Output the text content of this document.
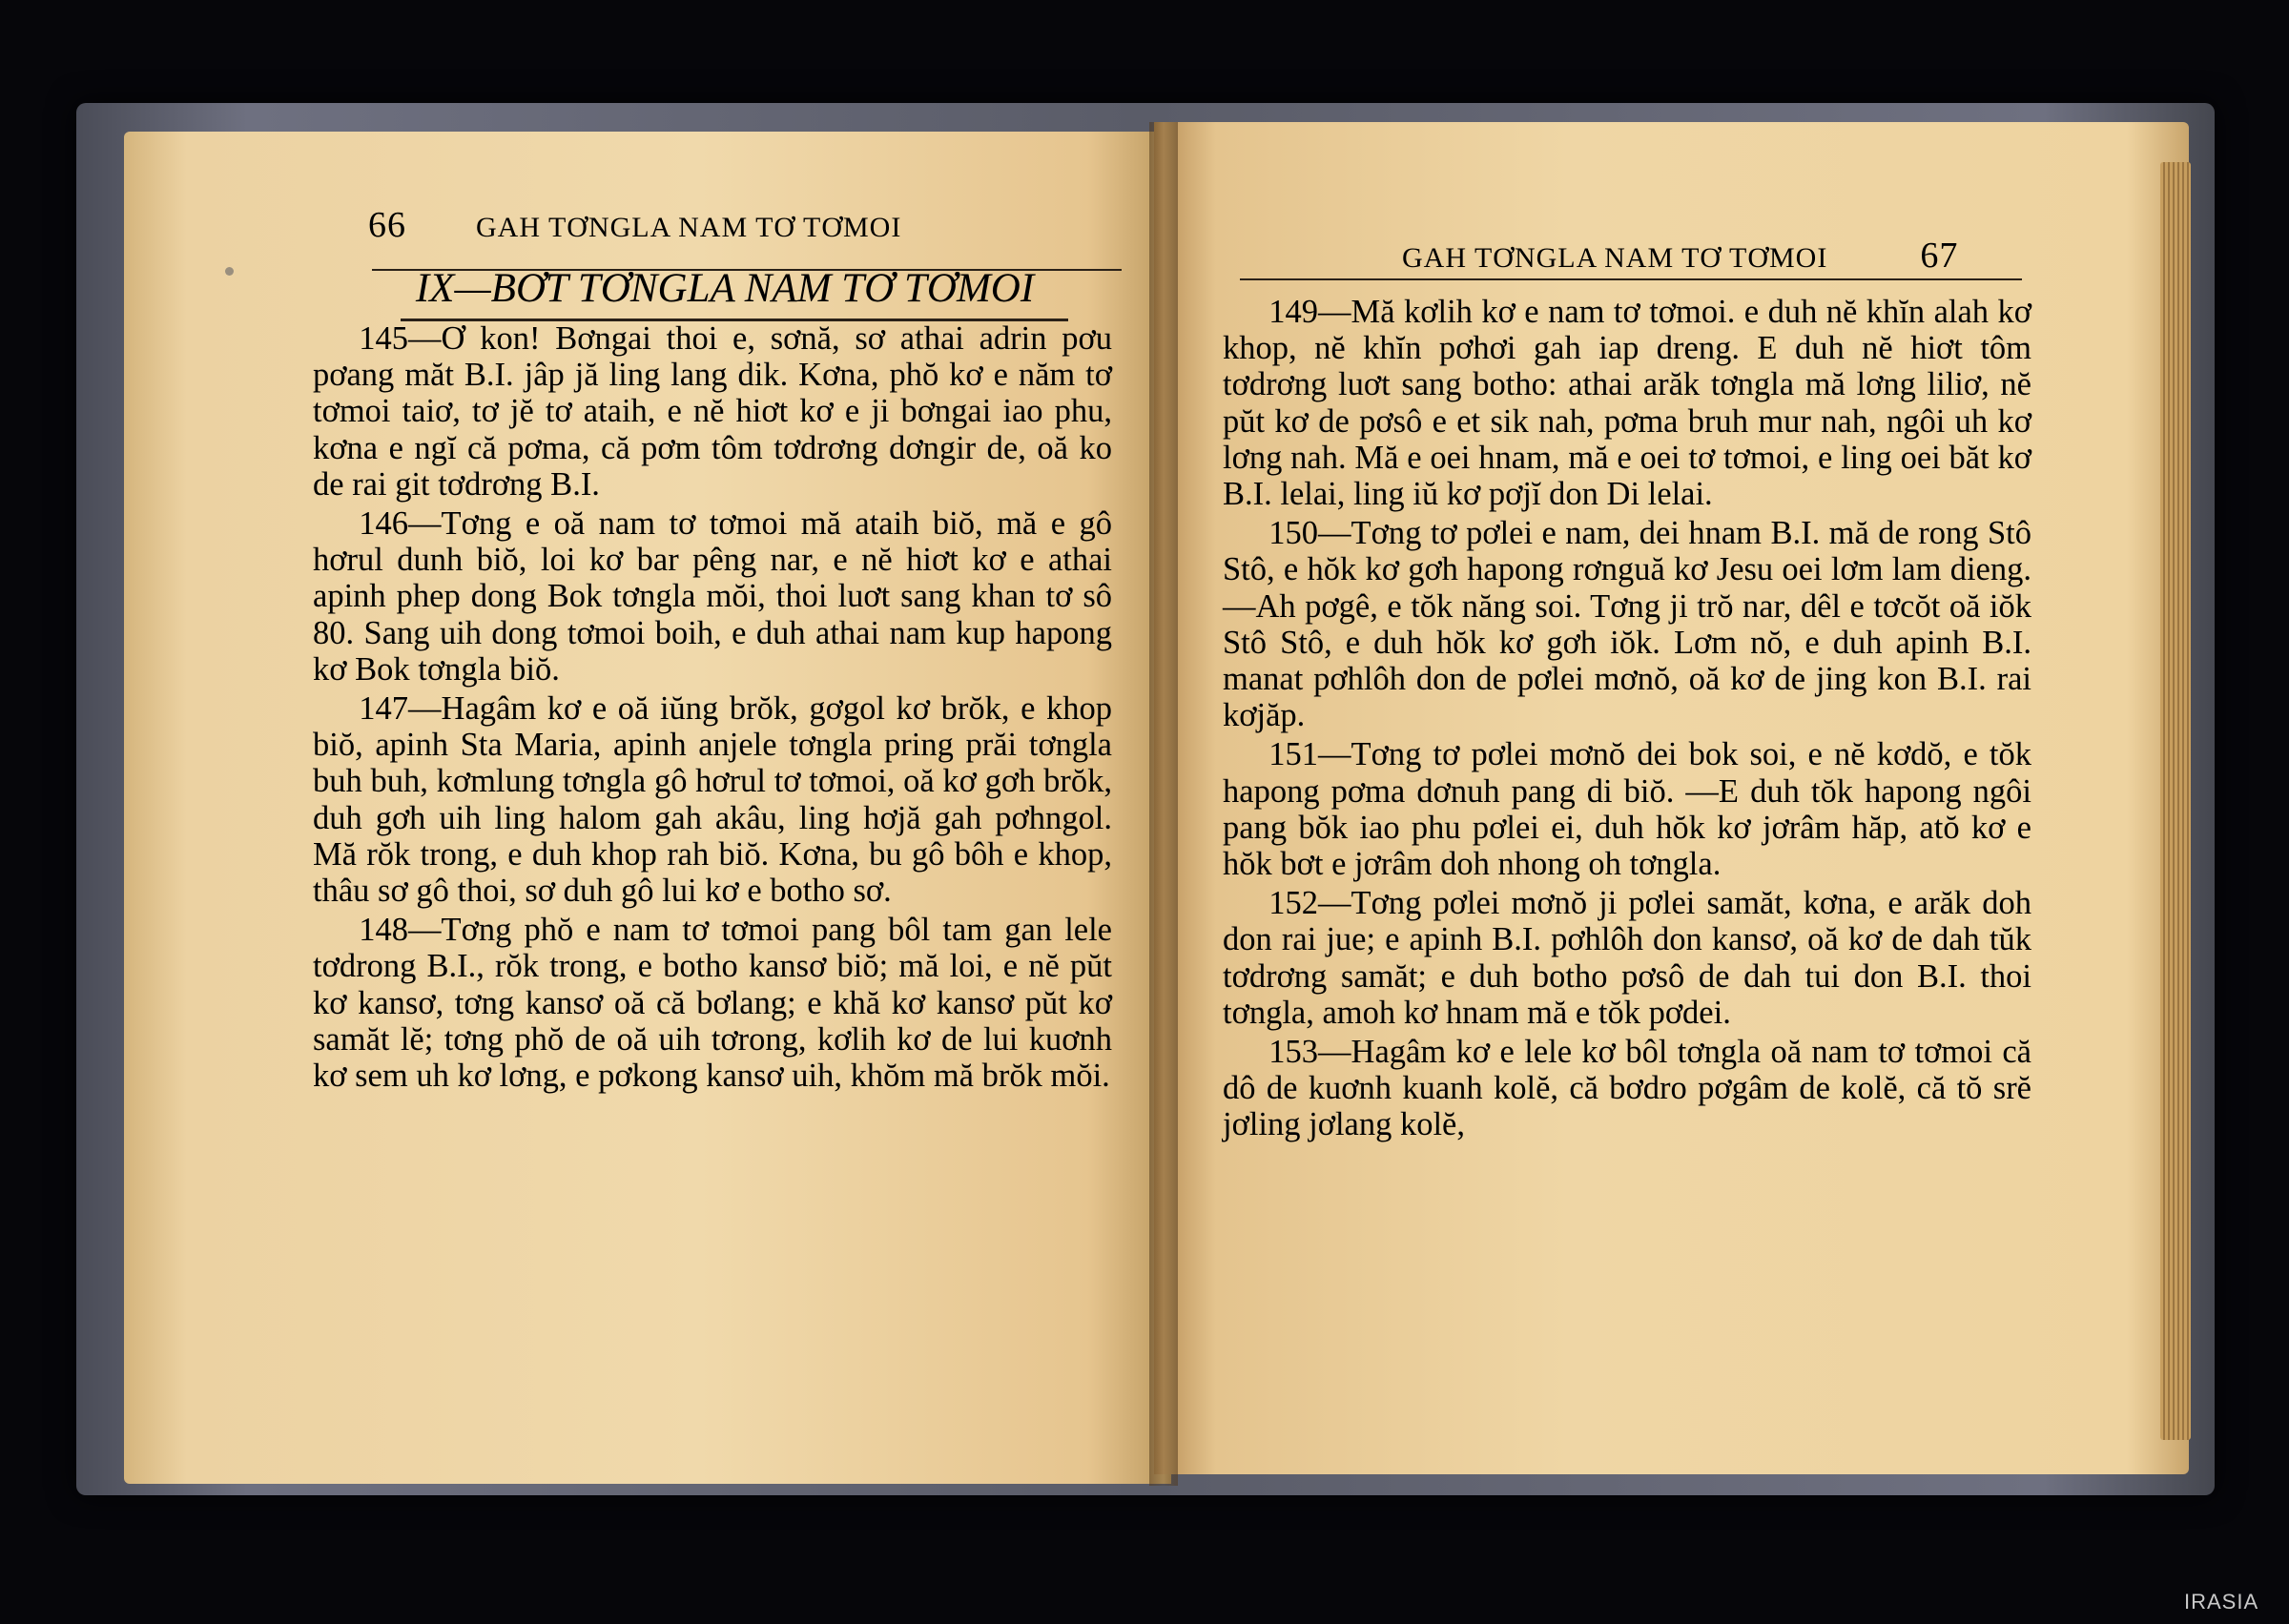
66 GAH TƠNGLA NAM TƠ TƠMOI
IX—BƠT TƠNGLA NAM TƠ TƠMOI

145—Ơ kon! Bơngai thoi e, sơnă, sơ athai adrin pơu pơang măt B.I. jâp jă ling lang dik. Kơna, phŏ kơ e năm tơ tơmoi taiơ, tơ jĕ tơ ataih, e nĕ hiơt kơ e ji bơngai iao phu, kơna e ngĭ că pơma, că pơm tôm tơdrơng dơngir de, oă ko de rai git tơdrơng B.I.

146—Tơng e oă nam tơ tơmoi mă ataih biŏ, mă e gô hơrul dunh biŏ, loi kơ bar pêng nar, e nĕ hiơt kơ e athai apinh phep dong Bok tơngla mŏi, thoi luơt sang khan tơ sô 80. Sang uih dong tơmoi boih, e duh athai nam kup hapong kơ Bok tơngla biŏ.

147—Hagâm kơ e oă iŭng brŏk, gơgol kơ brŏk, e khop biŏ, apinh Sta Maria, apinh anjele tơngla pring prăi tơngla buh buh, kơmlung tơngla gô hơrul tơ tơmoi, oă kơ gơh brŏk, duh gơh uih ling halom gah akâu, ling hơjă gah pơhngol. Mă rŏk trong, e duh khop rah biŏ. Kơna, bu gô bôh e khop, thâu sơ gô thoi, sơ duh gô lui kơ e botho sơ.

148—Tơng phŏ e nam tơ tơmoi pang bôl tam gan lele tơdrong B.I., rŏk trong, e botho kansơ biŏ; mă loi, e nĕ pŭt kơ kansơ, tơng kansơ oă că bơlang; e khă kơ kansơ pŭt kơ samăt lĕ; tơng phŏ de oă uih tơrong, kơlih kơ de lui kuơnh kơ sem uh kơ lơng, e pơkong kansơ uih, khŏm mă brŏk mŏi.

GAH TƠNGLA NAM TƠ TƠMOI	67

149—Mă kơlih kơ e nam tơ tơmoi. e duh nĕ khĭn alah kơ khop, nĕ khĭn pơhơi gah iap dreng. E duh nĕ hiơt tôm tơdrơng luơt sang botho: athai arăk tơngla mă lơng liliơ, nĕ pŭt kơ de pơsô e et sik nah, pơma bruh mur nah, ngôi uh kơ lơng nah. Mă e oei hnam, mă e oei tơ tơmoi, e ling oei băt kơ B.I. lelai, ling iŭ kơ pơjĭ don Di lelai.

150—Tơng tơ pơlei e nam, dei hnam B.I. mă de rong Stô Stô, e hŏk kơ gơh hapong rơnguă kơ Jesu oei lơm lam dieng.—Ah pơgê, e tŏk năng soi. Tơng ji trŏ nar, dêl e tơcŏt oă iŏk Stô Stô, e duh hŏk kơ gơh iŏk. Lơm nŏ, e duh apinh B.I. manat pơhlôh don de pơlei mơnŏ, oă kơ de jing kon B.I. rai kơjăp.

151—Tơng tơ pơlei mơnŏ dei bok soi, e nĕ kơdŏ, e tŏk hapong pơma dơnuh pang di biŏ. —E duh tŏk hapong ngôi pang bŏk iao phu pơlei ei, duh hŏk kơ jơrâm hăp, atŏ kơ e hŏk bơt e jơrâm doh nhong oh tơngla.

152—Tơng pơlei mơnŏ ji pơlei samăt, kơna, e arăk doh don rai jue; e apinh B.I. pơhlôh don kansơ, oă kơ de dah tŭk tơdrơng samăt; e duh botho pơsô de dah tui don B.I. thoi tơngla, amoh kơ hnam mă e tŏk pơdei.

153—Hagâm kơ e lele kơ bôl tơngla oă nam tơ tơmoi că dô de kuơnh kuanh kolĕ, că bơdro pơgâm de kolĕ, că tŏ srĕ jơling jơlang kolĕ,

IRASIA
